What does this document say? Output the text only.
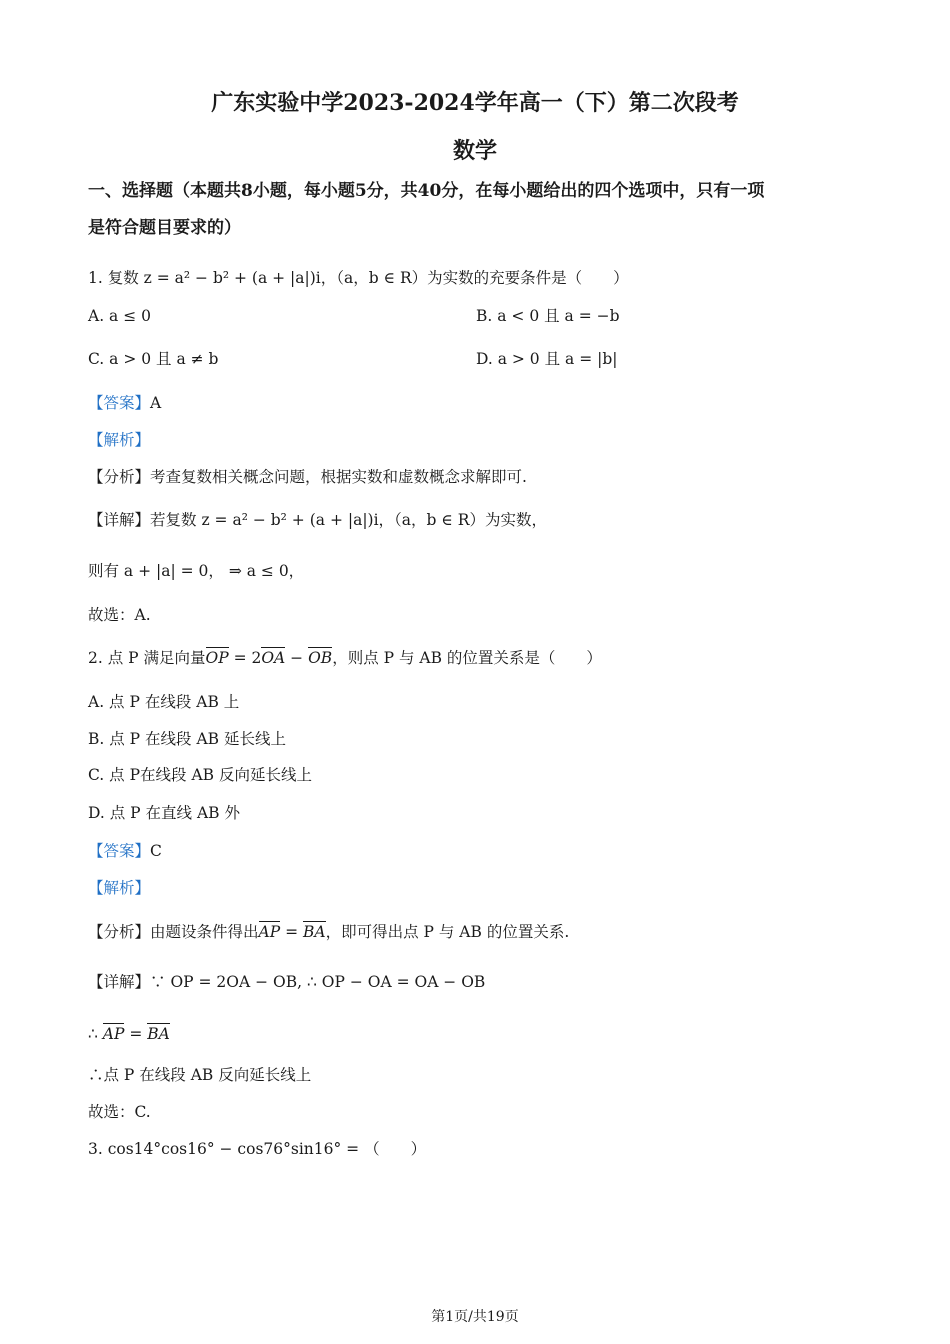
广东实验中学2023-2024学年高一（下）第二次段考
数学
一、选择题（本题共8小题，每小题5分，共40分，在每小题给出的四个选项中，只有一项
是符合题目要求的）
1. 复数 z = a² − b² + (a + |a|)i，（a，b ∈ R）为实数的充要条件是（　　）
A. a ≤ 0	B. a < 0 且 a = −b
C. a > 0 且 a ≠ b	D. a > 0 且 a = |b|
【答案】A
【解析】
【分析】考查复数相关概念问题，根据实数和虚数概念求解即可.
【详解】若复数 z = a² − b² + (a + |a|)i，（a，b ∈ R）为实数，
则有 a + |a| = 0， ⇒ a ≤ 0，
故选：A.
2. 点 P 满足向量OP = 2OA − OB，则点 P 与 AB 的位置关系是（　　）
A. 点 P 在线段 AB 上
B. 点 P 在线段 AB 延长线上
C. 点 P在线段 AB 反向延长线上
D. 点 P 在直线 AB 外
【答案】C
【解析】
【分析】由题设条件得出AP = BA，即可得出点 P 与 AB 的位置关系.
【详解】∵ OP = 2OA − OB, ∴ OP − OA = OA − OB
∴ AP = BA
∴点 P 在线段 AB 反向延长线上
故选：C.
3. cos14°cos16° − cos76°sin16° = （　　）
第1页/共19页
